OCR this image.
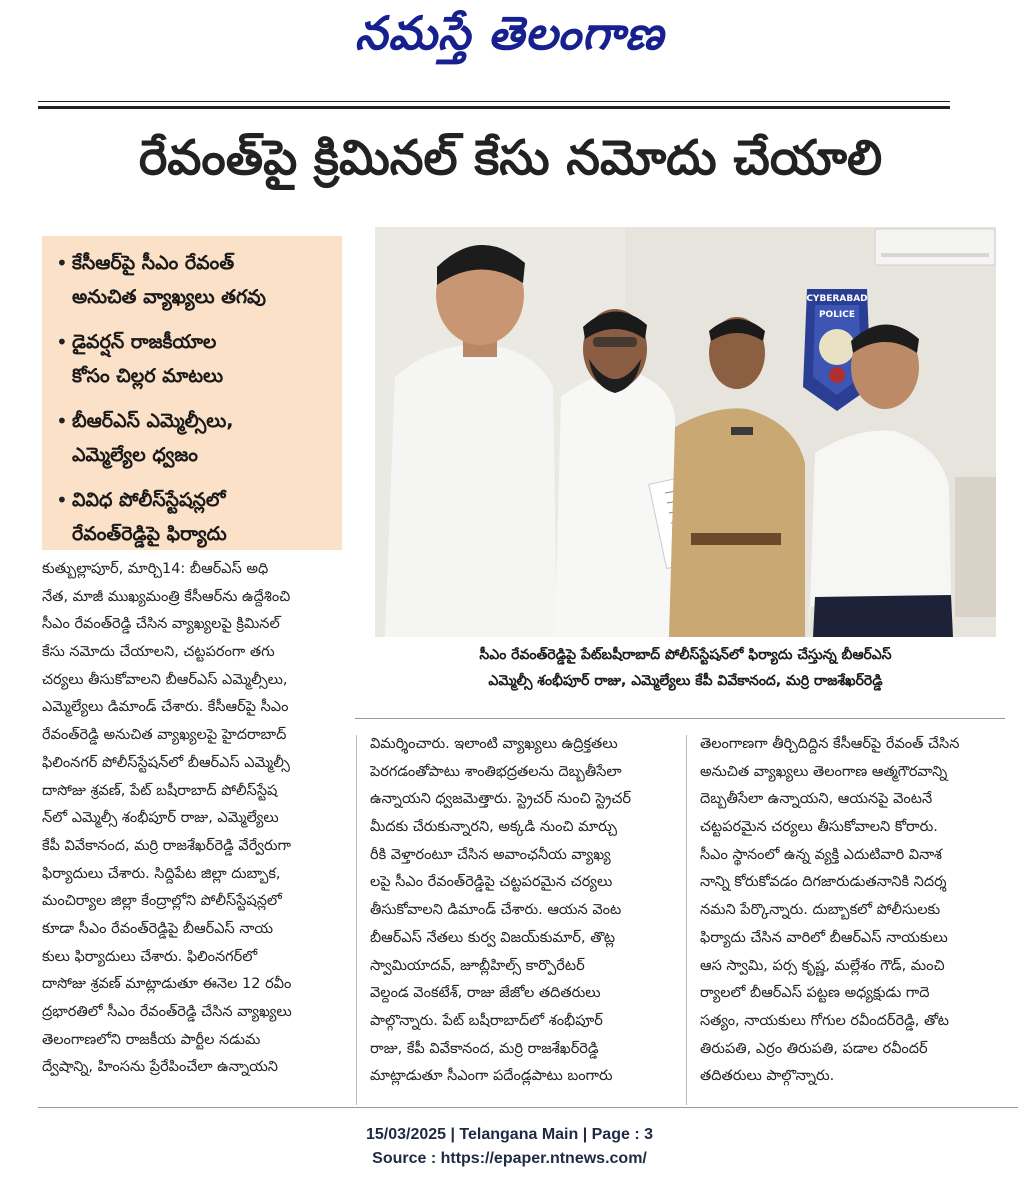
నమస్తే తెలంగాణ
రేవంత్‌పై క్రిమినల్ కేసు నమోదు చేయాలి
• కేసీఆర్‌పై సీఎం రేవంత్
అనుచిత వ్యాఖ్యలు తగవు
• డైవర్షన్ రాజకీయాల
కోసం చిల్లర మాటలు
• బీఆర్‌ఎస్ ఎమ్మెల్సీలు,
ఎమ్మెల్యేల ధ్వజం
• వివిధ పోలీస్‌స్టేషన్లలో
రేవంత్‌రెడ్డిపై ఫిర్యాదు
CYBERABAD
POLICE
సీఎం రేవంత్‌రెడ్డిపై పేట్‌బషీరాబాద్ పోలీస్‌స్టేషన్‌లో ఫిర్యాదు చేస్తున్న బీఆర్‌ఎస్
ఎమ్మెల్సీ శంభీపూర్ రాజు, ఎమ్మెల్యేలు కేపీ వివేకానంద, మర్రి రాజశేఖర్‌రెడ్డి
కుత్బుల్లాపూర్, మార్చి14: బీఆర్‌ఎస్ అధి
నేత, మాజీ ముఖ్యమంత్రి కేసీఆర్‌ను ఉద్దేశించి
సీఎం రేవంత్‌రెడ్డి చేసిన వ్యాఖ్యలపై క్రిమినల్
కేసు నమోదు చేయాలని, చట్టపరంగా తగు
చర్యలు తీసుకోవాలని బీఆర్‌ఎస్ ఎమ్మెల్సీలు,
ఎమ్మెల్యేలు డిమాండ్ చేశారు. కేసీఆర్‌పై సీఎం
రేవంత్‌రెడ్డి అనుచిత వ్యాఖ్యలపై హైదరాబాద్
ఫిలింనగర్ పోలీస్‌స్టేషన్‌లో బీఆర్‌ఎస్ ఎమ్మెల్సీ
దాసోజు శ్రవణ్, పేట్ బషీరాబాద్ పోలీస్‌స్టేష
న్‌లో ఎమ్మెల్సీ శంభీపూర్ రాజు, ఎమ్మెల్యేలు
కేపీ వివేకానంద, మర్రి రాజశేఖర్‌రెడ్డి వేర్వేరుగా
ఫిర్యాదులు చేశారు. సిద్దిపేట జిల్లా దుబ్బాక,
మంచిర్యాల జిల్లా కేంద్రాల్లోని పోలీస్‌స్టేషన్లలో
కూడా సీఎం రేవంత్‌రెడ్డిపై బీఆర్‌ఎస్ నాయ
కులు ఫిర్యాదులు చేశారు. ఫిలింనగర్‌లో
దాసోజు శ్రవణ్ మాట్లాడుతూ ఈనెల 12 రవీం
ద్రభారతిలో సీఎం రేవంత్‌రెడ్డి చేసిన వ్యాఖ్యలు
తెలంగాణలోని రాజకీయ పార్టీల నడుమ
ద్వేషాన్ని, హింసను ప్రేరేపించేలా ఉన్నాయని
విమర్శించారు. ఇలాంటి వ్యాఖ్యలు ఉద్రిక్తతలు
పెరగడంతోపాటు శాంతిభద్రతలను దెబ్బతీసేలా
ఉన్నాయని ధ్వజమెత్తారు. స్ట్రెచర్ నుంచి స్ట్రెచర్
మీదకు చేరుకున్నారని, అక్కడి నుంచి మార్చు
రీకి వెళ్తారంటూ చేసిన అవాంఛనీయ వ్యాఖ్య
లపై సీఎం రేవంత్‌రెడ్డిపై చట్టపరమైన చర్యలు
తీసుకోవాలని డిమాండ్ చేశారు. ఆయన వెంట
బీఆర్‌ఎస్ నేతలు కుర్వ విజయ్‌కుమార్, తొట్ల
స్వామియాదవ్, జూబ్లీహిల్స్ కార్పొరేటర్
వెల్దండ వెంకటేశ్, రాజు జేజోల తదితరులు
పాల్గొన్నారు. పేట్ బషీరాబాద్‌లో శంభీపూర్
రాజు, కేపీ వివేకానంద, మర్రి రాజశేఖర్‌రెడ్డి
మాట్లాడుతూ సీఎంగా పదేండ్లపాటు బంగారు
తెలంగాణగా తీర్చిదిద్దిన కేసీఆర్‌పై రేవంత్ చేసిన
అనుచిత వ్యాఖ్యలు తెలంగాణ ఆత్మగౌరవాన్ని
దెబ్బతీసేలా ఉన్నాయని, ఆయనపై వెంటనే
చట్టపరమైన చర్యలు తీసుకోవాలని కోరారు.
సీఎం స్థానంలో ఉన్న వ్యక్తి ఎదుటివారి వినాశ
నాన్ని కోరుకోవడం దిగజారుడుతనానికి నిదర్శ
నమని పేర్కొన్నారు. దుబ్బాకలో పోలీసులకు
ఫిర్యాదు చేసిన వారిలో బీఆర్‌ఎస్ నాయకులు
ఆస స్వామి, పర్స కృష్ణ, మల్లేశం గౌడ్, మంచి
ర్యాలలో బీఆర్‌ఎస్ పట్టణ అధ్యక్షుడు గాదె
సత్యం, నాయకులు గోగుల రవీందర్‌రెడ్డి, తోట
తిరుపతి, ఎర్రం తిరుపతి, పడాల రవీందర్
తదితరులు పాల్గొన్నారు.
15/03/2025 | Telangana Main | Page : 3
Source : https://epaper.ntnews.com/
